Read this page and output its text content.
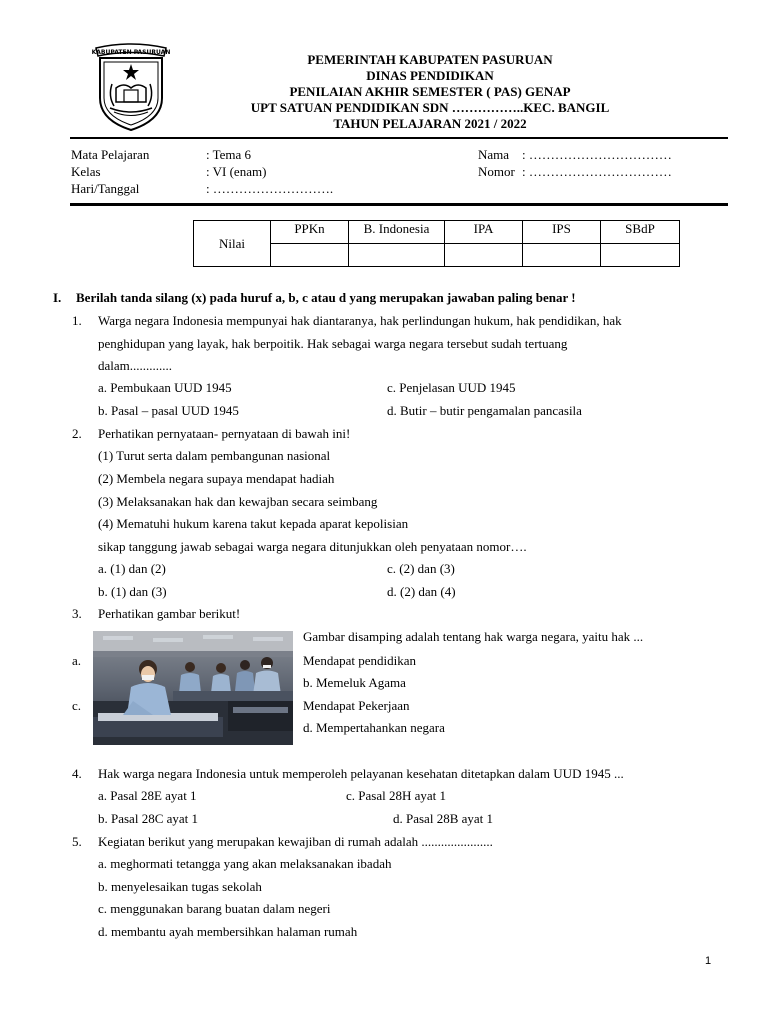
KABUPATEN PASURUAN	PEMERINTAH KABUPATEN PASURUAN
DINAS PENDIDIKAN
PENILAIAN AKHIR SEMESTER ( PAS) GENAP
UPT SATUAN PENDIDIKAN SDN ……………..KEC. BANGIL
TAHUN PELAJARAN 2021 / 2022
Mata Pelajaran	: Tema 6
Kelas	: VI (enam)
Hari/Tanggal	: ……………………….
Nama : ……………………………
Nomor : ……………………………
Nilai	PPKn	B. Indonesia	IPA	IPS	SBdP

I. Berilah tanda silang (x) pada huruf a, b, c atau d yang merupakan jawaban paling benar !
1. Warga negara Indonesia mempunyai hak diantaranya, hak perlindungan hukum, hak pendidikan, hak
penghidupan yang layak, hak berpoitik. Hak sebagai warga negara tersebut sudah tertuang
dalam.............
a. Pembukaan UUD 1945	c. Penjelasan UUD 1945
b. Pasal – pasal UUD 1945	d. Butir – butir pengamalan pancasila
2. Perhatikan pernyataan- pernyataan di bawah ini!
(1) Turut serta dalam pembangunan nasional
(2) Membela negara supaya mendapat hadiah
(3) Melaksanakan hak dan kewajban secara seimbang
(4) Mematuhi hukum karena takut kepada aparat kepolisian
sikap tanggung jawab sebagai warga negara ditunjukkan oleh penyataan nomor….
a. (1) dan (2)	c. (2) dan (3)
b. (1) dan (3)	d. (2) dan (4)
3. Perhatikan gambar berikut!
Gambar disamping adalah tentang hak warga negara, yaitu hak ...
a.	Mendapat pendidikan
b. Memeluk Agama
c.	Mendapat Pekerjaan
d. Mempertahankan negara
4. Hak warga negara Indonesia untuk memperoleh pelayanan kesehatan ditetapkan dalam UUD 1945 ...
a. Pasal 28E ayat 1	c. Pasal 28H ayat 1
b. Pasal 28C ayat 1	d. Pasal 28B ayat 1
5. Kegiatan berikut yang merupakan kewajiban di rumah adalah ......................
a. meghormati tetangga yang akan melaksanakan ibadah
b. menyelesaikan tugas sekolah
c. menggunakan barang buatan dalam negeri
d. membantu ayah membersihkan halaman rumah
1
